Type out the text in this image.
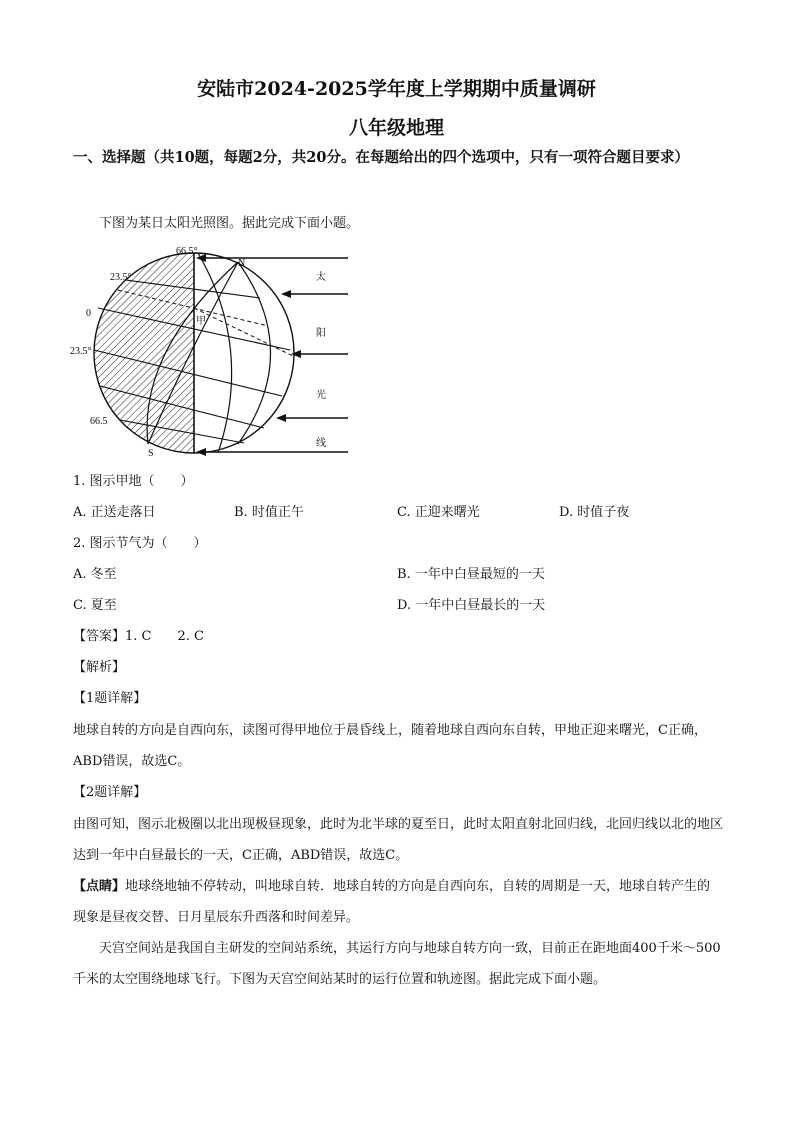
安陆市2024-2025学年度上学期期中质量调研
八年级地理
一、选择题（共10题，每题2分，共20分。在每题给出的四个选项中，只有一项符合题目要求）
下图为某日太阳光照图。据此完成下面小题。
66.5°
23.5°
0
23.5°
66.5
N
S
甲
太
阳
光
线
1. 图示甲地（　　）
A. 正送走落日	B. 时值正午	C. 正迎来曙光	D. 时值子夜
2. 图示节气为（　　）
A. 冬至	B. 一年中白昼最短的一天
C. 夏至	D. 一年中白昼最长的一天
【答案】1. C　　2. C
【解析】
【1题详解】
地球自转的方向是自西向东，读图可得甲地位于晨昏线上，随着地球自西向东自转，甲地正迎来曙光，C正确，ABD错误，故选C。
【2题详解】
由图可知，图示北极圈以北出现极昼现象，此时为北半球的夏至日，此时太阳直射北回归线，北回归线以北的地区达到一年中白昼最长的一天，C正确，ABD错误，故选C。
【点睛】地球绕地轴不停转动，叫地球自转．地球自转的方向是自西向东，自转的周期是一天，地球自转产生的现象是昼夜交替、日月星辰东升西落和时间差异。
天宫空间站是我国自主研发的空间站系统，其运行方向与地球自转方向一致，目前正在距地面400千米～500千米的太空围绕地球飞行。下图为天宫空间站某时的运行位置和轨迹图。据此完成下面小题。
